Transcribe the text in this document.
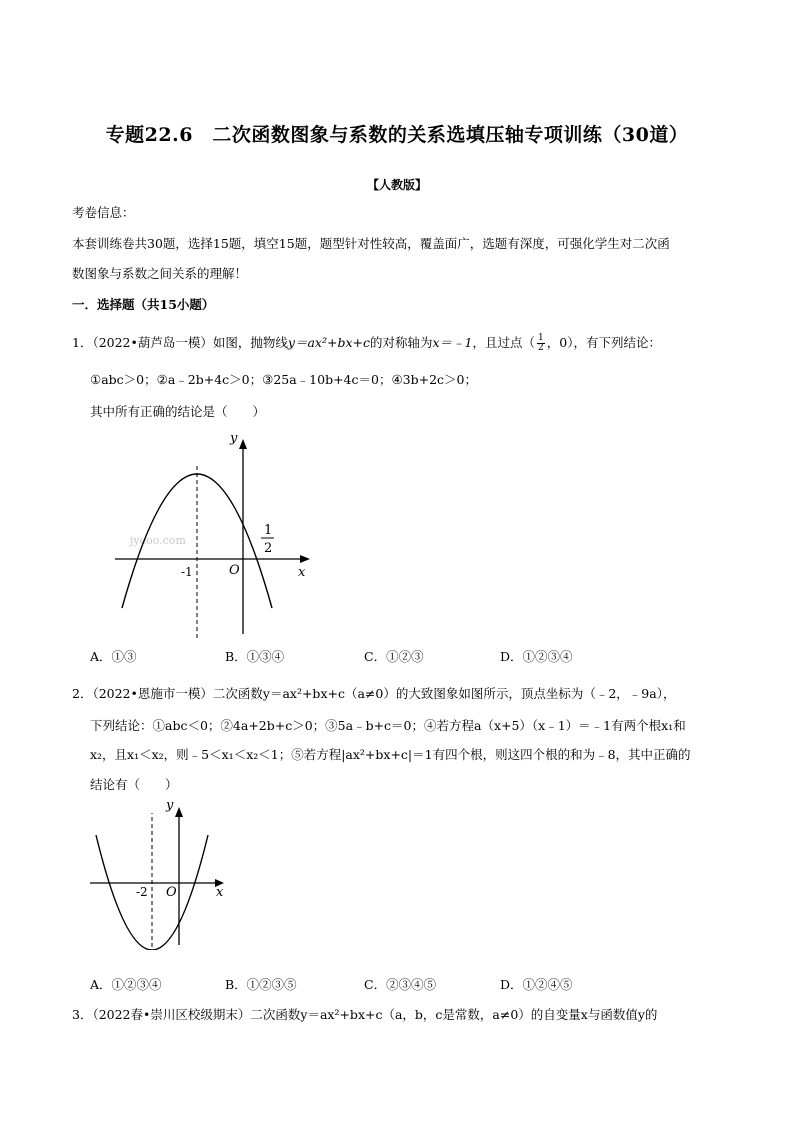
专题22.6　二次函数图象与系数的关系选填压轴专项训练（30道）
【人教版】
考卷信息：
本套训练卷共30题，选择15题，填空15题，题型针对性较高，覆盖面广，选题有深度，可强化学生对二次函
数图象与系数之间关系的理解！
一．选择题（共15小题）
1．（2022•葫芦岛一模）如图，抛物线y＝ax²+bx+c的对称轴为x＝﹣1，且过点（ $\frac{1}{2}$ ，0），有下列结论：
①abc＞0；②a﹣2b+4c＞0；③25a﹣10b+4c＝0；④3b+2c＞0；
其中所有正确的结论是（　　）
jyeoo.com
y
x
O
-1
1
2
A．①③	B．①③④	C．①②③	D．①②③④
2．（2022•恩施市一模）二次函数y＝ax²+bx+c（a≠0）的大致图象如图所示，顶点坐标为（﹣2，﹣9a），
下列结论：①abc＜0；②4a+2b+c＞0；③5a﹣b+c＝0；④若方程a（x+5）（x﹣1）＝﹣1有两个根x₁和
x₂，且x₁＜x₂，则﹣5＜x₁＜x₂＜1；⑤若方程|ax²+bx+c|＝1有四个根，则这四个根的和为﹣8，其中正确的
结论有（　　）
y
x
O
-2
A．①②③④	B．①②③⑤	C．②③④⑤	D．①②④⑤
3．（2022春•崇川区校级期末）二次函数y＝ax²+bx+c（a，b，c是常数，a≠0）的自变量x与函数值y的
